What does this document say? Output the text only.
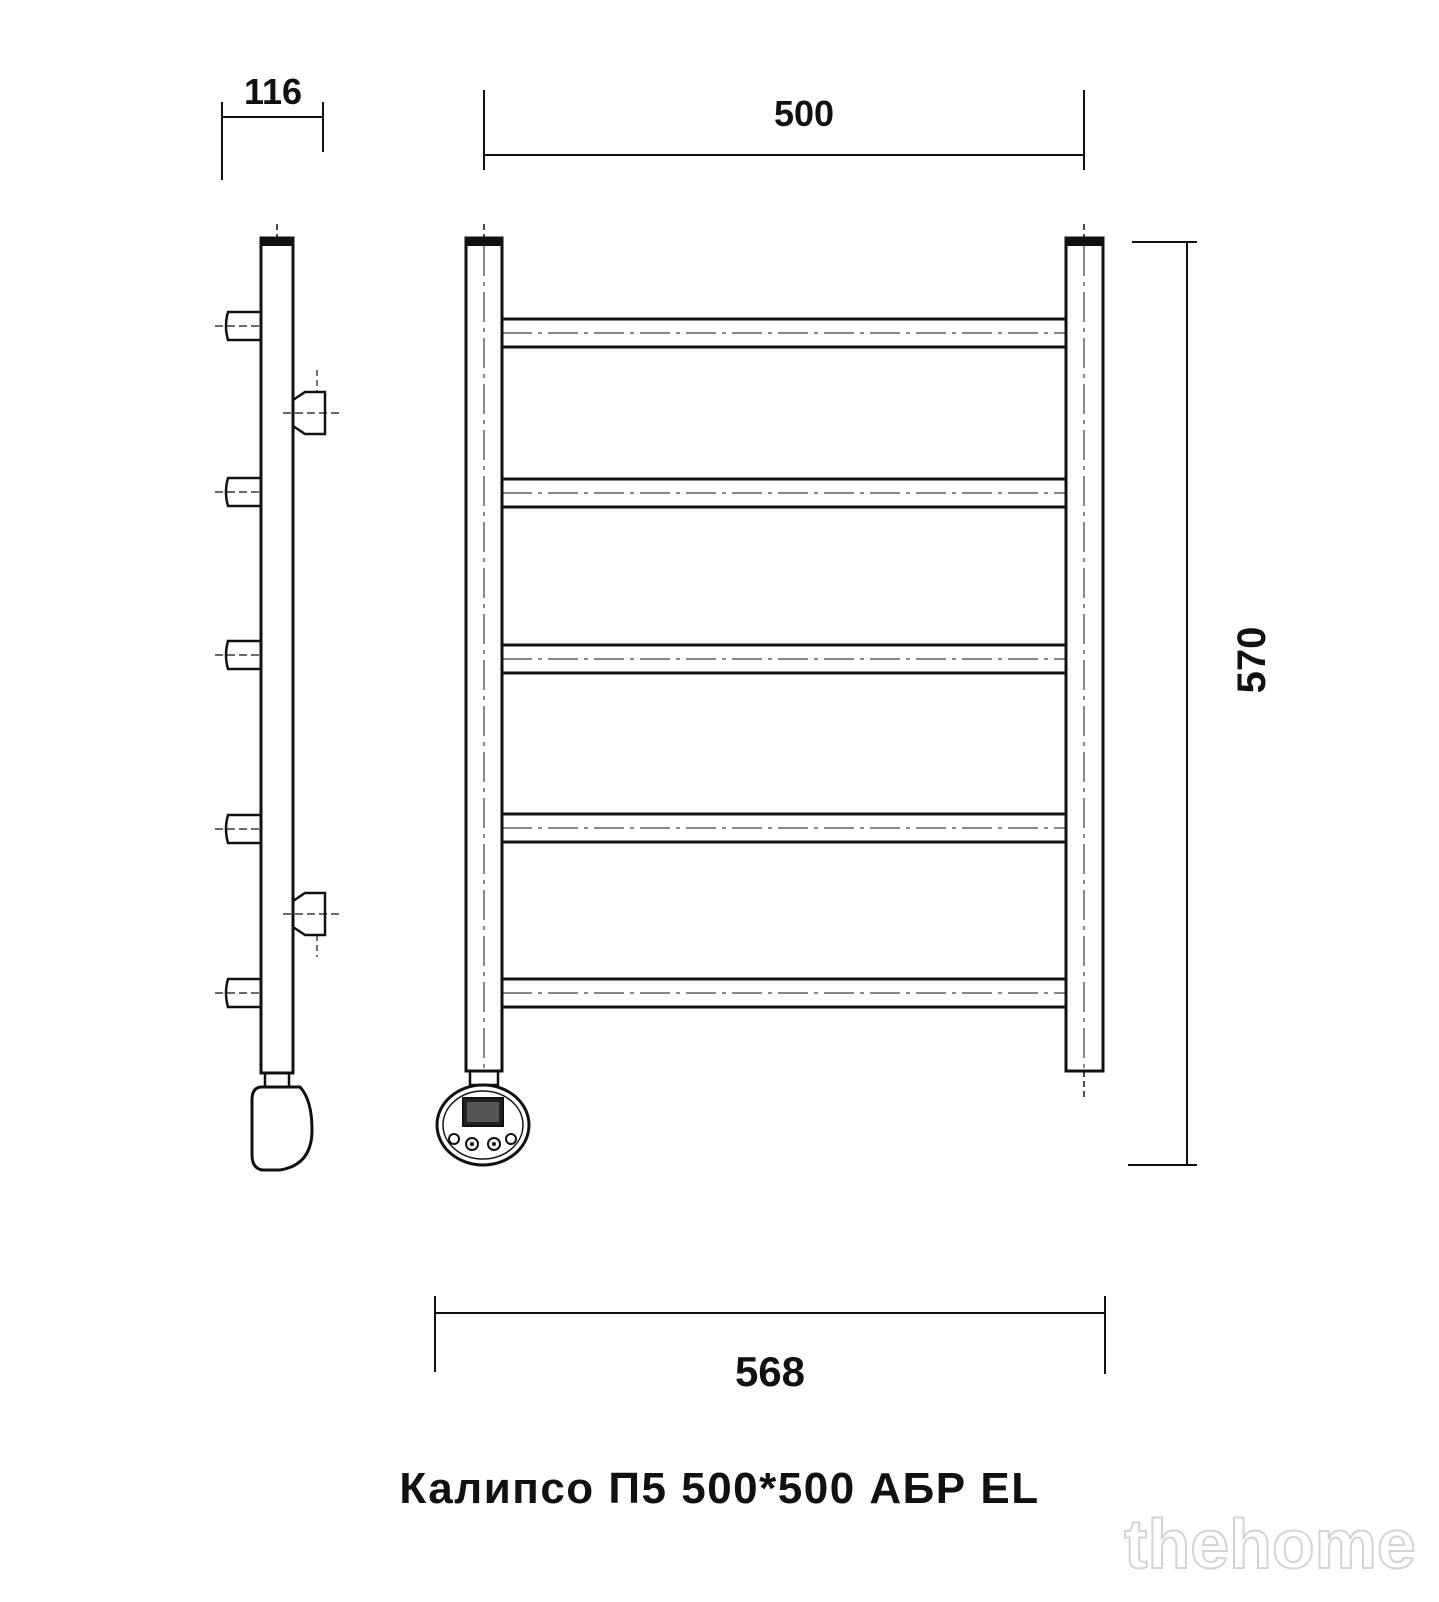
116
500
570
568
Калипсо П5 500*500 АБР EL
thehome
